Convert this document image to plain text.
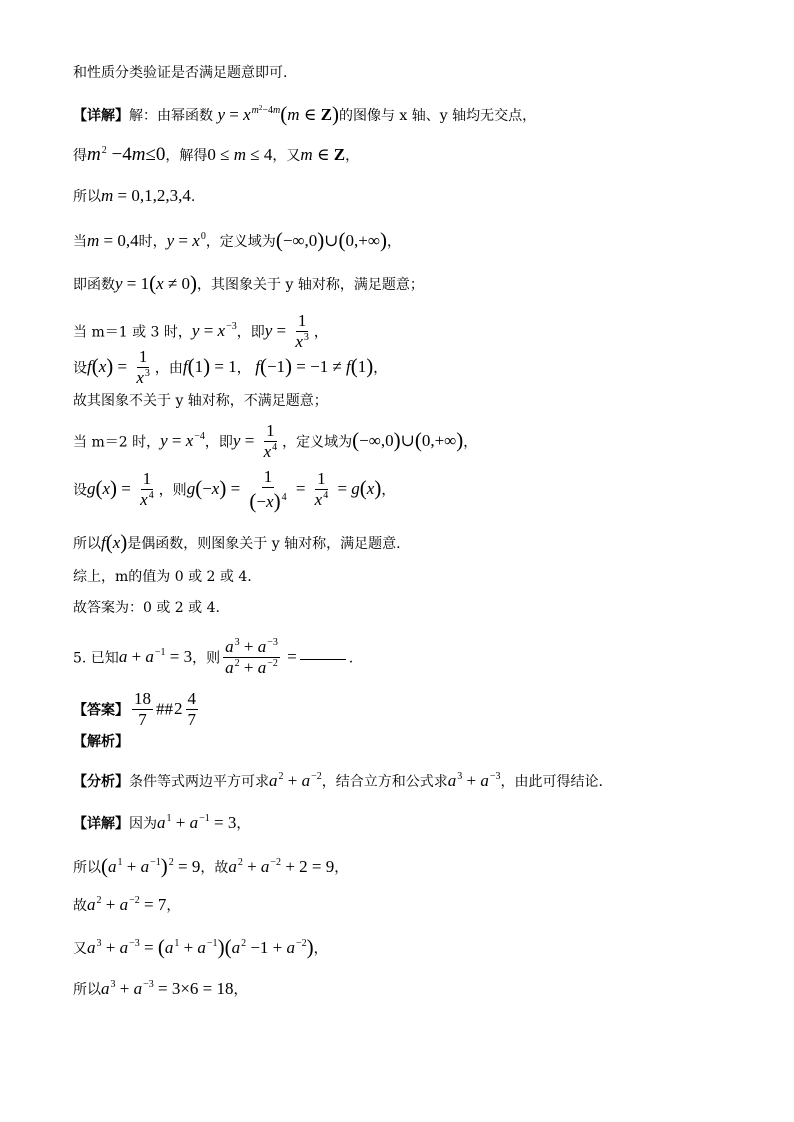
和性质分类验证是否满足题意即可.
【详解】解：由幂函数 $y = x^{m^2-4m}(m$ ∈ Z)的图像与 x 轴、y 轴均无交点，
得$m^2 -4m\le 0$，解得0 ≤ m ≤ 4，又m ∈ Z，
所以m = 0,1,2,3,4.
当m = 0,4时，$y = x^0$，定义域为(−∞,0)∪(0,+∞)，
即函数y = 1(x ≠ 0)，其图象关于 y 轴对称，满足题意；
当 m＝1 或 3 时，$y = x^{-3}$，即$y = \frac{1}{x^3}$ ，
设$f(x) = \frac{1}{x^3}$ ，由f(1) = 1， f(−1) = −1 ≠ f(1)，
故其图象不关于 y 轴对称，不满足题意；
当 m＝2 时，$y = x^{-4}$，即$y = \frac{1}{x^4}$ ，定义域为(−∞,0)∪(0,+∞)，
设$g(x) = \frac{1}{x^4}$ ，则$g(-x) = \frac{1}{(-x)^4} = \frac{1}{x^4} = g(x)$，
所以f(x)是偶函数，则图象关于 y 轴对称，满足题意.
综上，m的值为 0 或 2 或 4.
故答案为：0 或 2 或 4.
5. 已知$a + a^{-1} = 3$，则 $\frac{a^3 + a^{-3}}{a^2 + a^{-2}}$ =	.
【答案】 $\frac{18}{7}$ ##2 $\frac{4}{7}$
【解析】
【分析】条件等式两边平方可求$a^2 + a^{-2}$，结合立方和公式求$a^3 + a^{-3}$，由此可得结论.
【详解】因为$a^1 + a^{-1} = 3$，
所以$(a^1 + a^{-1})^2 = 9$，故$a^2 + a^{-2} + 2 = 9$，
故$a^2 + a^{-2} = 7$，
又$a^3 + a^{-3} = (a^1 + a^{-1})(a^2 -1 + a^{-2})$，
所以$a^3 + a^{-3} = 3\times 6 = 18$，
